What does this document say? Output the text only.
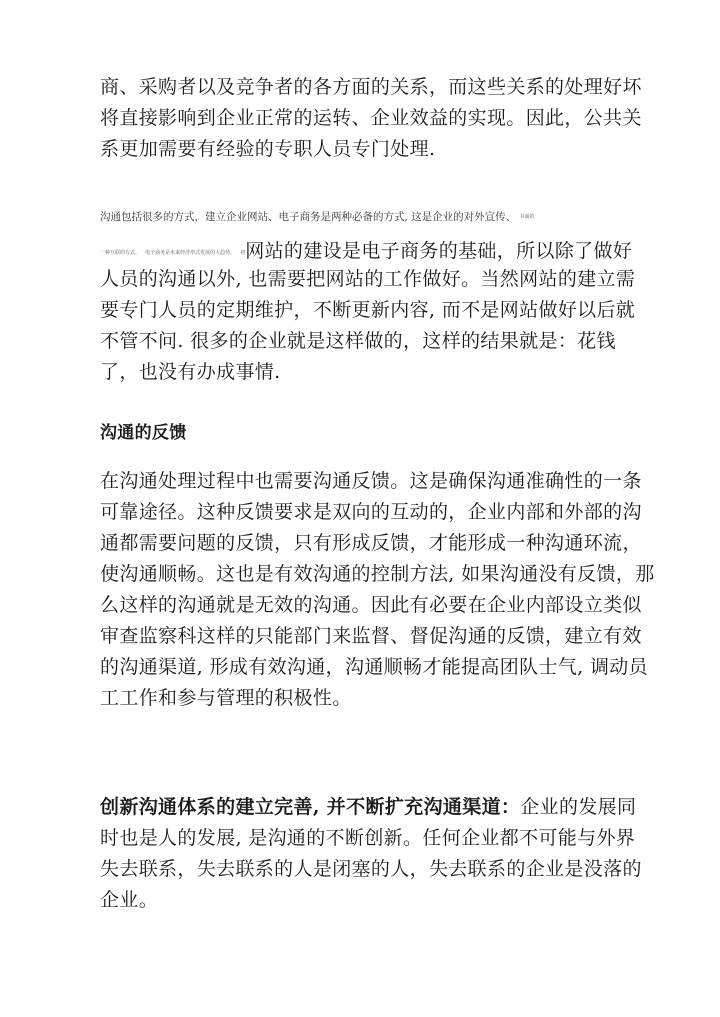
商、采购者以及竞争者的各方面的关系，而这些关系的处理好坏
将直接影响到企业正常的运转、企业效益的实现。因此，公共关
系更加需要有经验的专职人员专门处理.

沟通包括很多的方式，建立企业网站、电子商务是两种必备的方式, 这是企业的对外宣传、 书面的
一种互联的方式。 电子商务是未来经济形式发展的大趋势， 初网站的建设是电子商务的基础，所以除了做好

人员的沟通以外, 也需要把网站的工作做好。当然网站的建立需
要专门人员的定期维护，不断更新内容, 而不是网站做好以后就
不管不问. 很多的企业就是这样做的，这样的结果就是：花钱
了，也没有办成事情.

沟通的反馈

在沟通处理过程中也需要沟通反馈。这是确保沟通准确性的一条
可靠途径。这种反馈要求是双向的互动的，企业内部和外部的沟
通都需要问题的反馈，只有形成反馈，才能形成一种沟通环流，
使沟通顺畅。这也是有效沟通的控制方法, 如果沟通没有反馈，那
么这样的沟通就是无效的沟通。因此有必要在企业内部设立类似
审查监察科这样的只能部门来监督、督促沟通的反馈，建立有效
的沟通渠道, 形成有效沟通，沟通顺畅才能提高团队士气, 调动员
工工作和参与管理的积极性。

创新沟通体系的建立完善, 并不断扩充沟通渠道：企业的发展同
时也是人的发展, 是沟通的不断创新。任何企业都不可能与外界
失去联系，失去联系的人是闭塞的人，失去联系的企业是没落的
企业。
